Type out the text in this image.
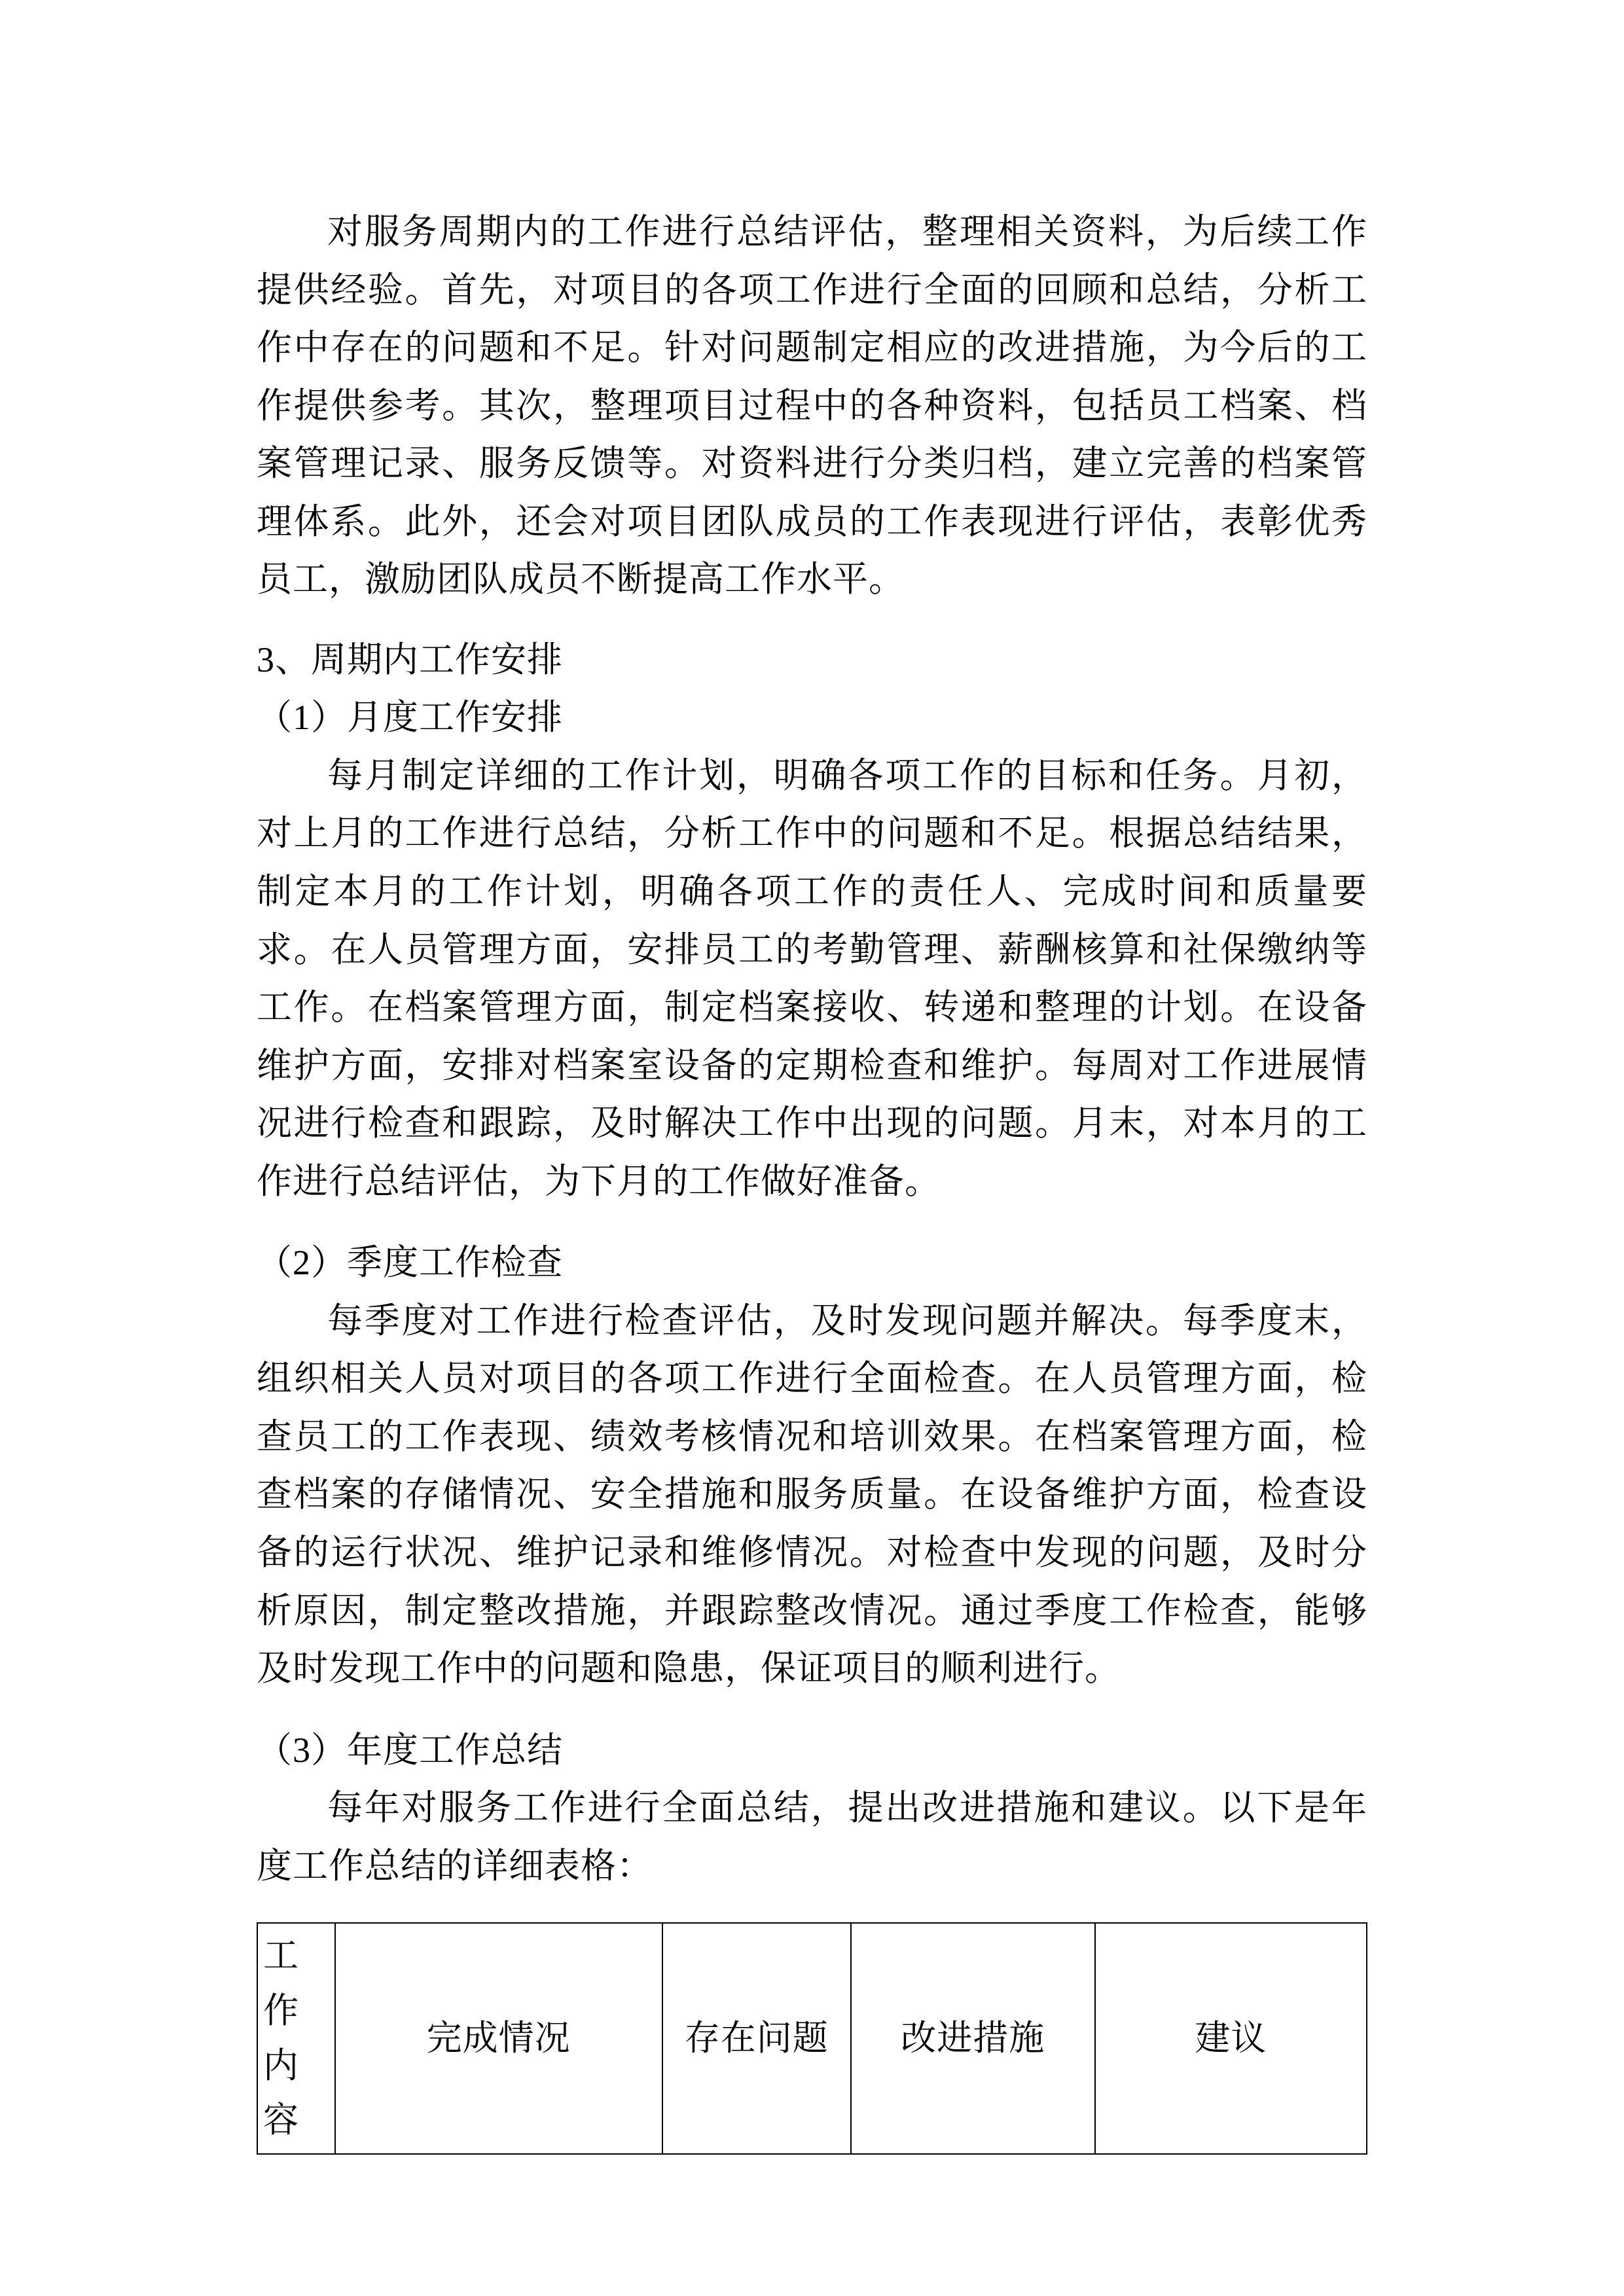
对服务周期内的工作进行总结评估，整理相关资料，为后续工作提供经验。首先，对项目的各项工作进行全面的回顾和总结，分析工作中存在的问题和不足。针对问题制定相应的改进措施，为今后的工作提供参考。其次，整理项目过程中的各种资料，包括员工档案、档案管理记录、服务反馈等。对资料进行分类归档，建立完善的档案管理体系。此外，还会对项目团队成员的工作表现进行评估，表彰优秀员工，激励团队成员不断提高工作水平。

3、周期内工作安排

（1）月度工作安排

每月制定详细的工作计划，明确各项工作的目标和任务。月初，对上月的工作进行总结，分析工作中的问题和不足。根据总结结果，制定本月的工作计划，明确各项工作的责任人、完成时间和质量要求。在人员管理方面，安排员工的考勤管理、薪酬核算和社保缴纳等工作。在档案管理方面，制定档案接收、转递和整理的计划。在设备维护方面，安排对档案室设备的定期检查和维护。每周对工作进展情况进行检查和跟踪，及时解决工作中出现的问题。月末，对本月的工作进行总结评估，为下月的工作做好准备。

（2）季度工作检查

每季度对工作进行检查评估，及时发现问题并解决。每季度末，组织相关人员对项目的各项工作进行全面检查。在人员管理方面，检查员工的工作表现、绩效考核情况和培训效果。在档案管理方面，检查档案的存储情况、安全措施和服务质量。在设备维护方面，检查设备的运行状况、维护记录和维修情况。对检查中发现的问题，及时分析原因，制定整改措施，并跟踪整改情况。通过季度工作检查，能够及时发现工作中的问题和隐患，保证项目的顺利进行。

（3）年度工作总结

每年对服务工作进行全面总结，提出改进措施和建议。以下是年度工作总结的详细表格：

工作内容	完成情况	存在问题	改进措施	建议
